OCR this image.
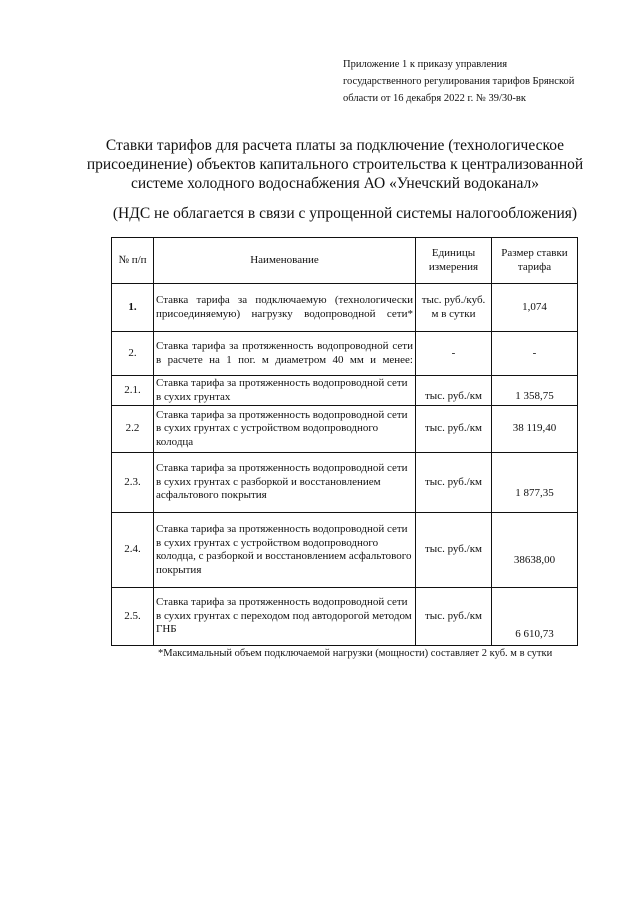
Приложение 1 к приказу управления
государственного регулирования тарифов Брянской
области от 16 декабря 2022 г. № 39/30-вк
Ставки тарифов для расчета платы за подключение (технологическое
присоединение) объектов капитального строительства к централизованной
системе холодного водоснабжения АО «Унечский водоканал»
(НДС не облагается в связи с упрощенной системы налогообложения)
№ п/п	Наименование	Единицы измерения	Размер ставки тарифа
1.	Ставка тарифа за подключаемую (технологически присоединяемую) нагрузку водопроводной сети*	тыс. руб./куб. м в сутки	1,074
2.	Ставка тарифа за протяженность водопроводной сети в расчете на 1 пог. м диаметром 40 мм и менее:	-	-
2.1.	Ставка тарифа за протяженность водопроводной сети в сухих грунтах	тыс. руб./км	1 358,75
2.2	Ставка тарифа за протяженность водопроводной сети в сухих грунтах с устройством водопроводного колодца	тыс. руб./км	38 119,40
2.3.	Ставка тарифа за протяженность водопроводной сети в сухих грунтах с разборкой и восстановлением асфальтового покрытия	тыс. руб./км	1 877,35
2.4.	Ставка тарифа за протяженность водопроводной сети в сухих грунтах с устройством водопроводного колодца, с разборкой и восстановлением асфальтового покрытия	тыс. руб./км	38638,00
2.5.	Ставка тарифа за протяженность водопроводной сети в сухих грунтах с переходом под автодорогой методом ГНБ	тыс. руб./км	6 610,73
*Максимальный объем подключаемой нагрузки (мощности) составляет 2 куб. м в сутки
